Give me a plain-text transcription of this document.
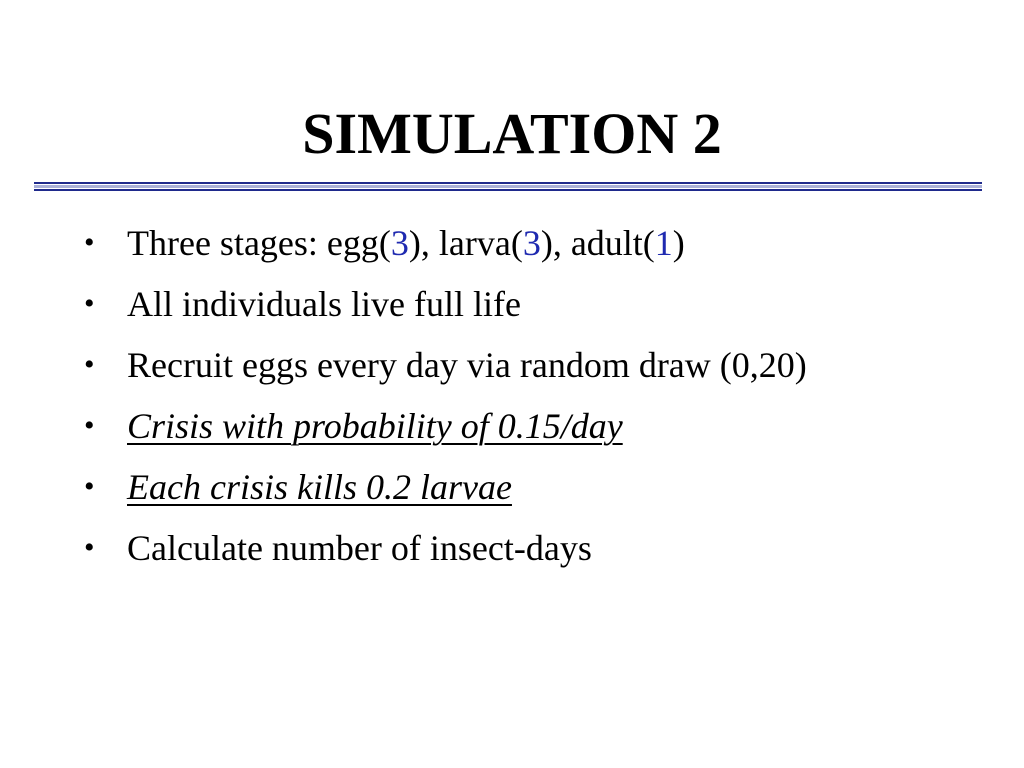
SIMULATION 2
• Three stages: egg(3), larva(3), adult(1)
• All individuals live full life
• Recruit eggs every day via random draw (0,20)
• Crisis with probability of 0.15/day
• Each crisis kills 0.2 larvae
• Calculate number of insect-days
